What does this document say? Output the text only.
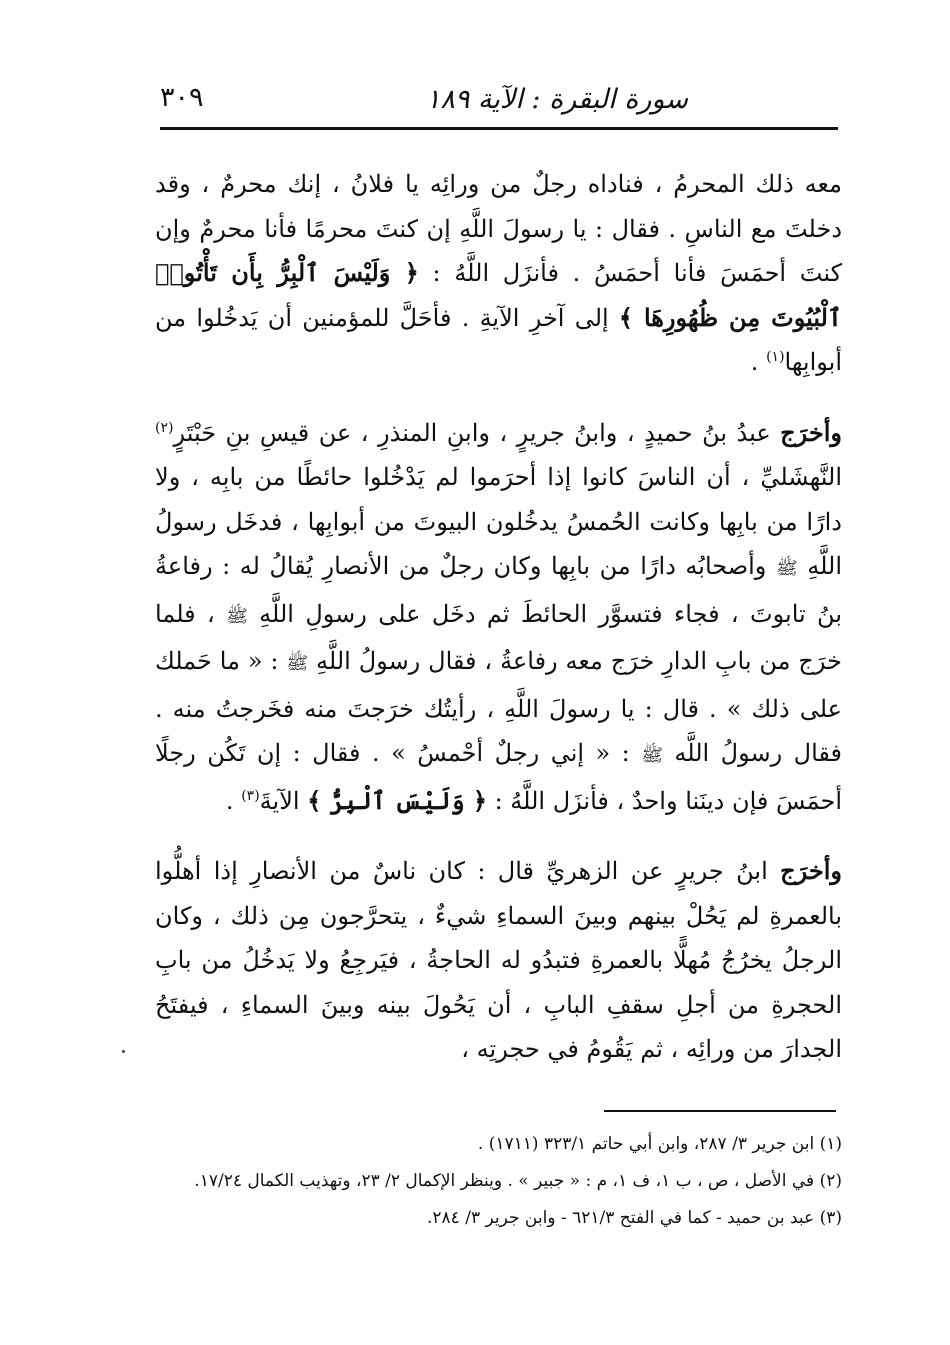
سورة البقرة : الآية ١٨٩
٣٠٩

معه ذلك المحرمُ ، فناداه رجلٌ من ورائِه يا فلانُ ، إنك محرمٌ ، وقد دخلتَ مع الناسِ . فقال : يا رسولَ اللَّهِ إن كنتَ محرمًا فأنا محرمٌ وإن كنتَ أحمَسَ فأنا أحمَسُ . فأنزَل اللَّهُ : ﴿ وَلَيْسَ ٱلْبِرُّ بِأَن تَأْتُوا۟ ٱلْبُيُوتَ مِن ظُهُورِهَا ﴾ إلى آخرِ الآيةِ . فأحَلَّ للمؤمنين أن يَدخُلوا من أبوابِها$^{(١)}$ .

وأخرَج عبدُ بنُ حميدٍ ، وابنُ جريرٍ ، وابنِ المنذرِ ، عن قيسِ بنِ حَبْتَرٍ$^{(٢)}$ النَّهشَليِّ ، أن الناسَ كانوا إذا أحرَموا لم يَدْخُلوا حائطًا من بابِه ، ولا دارًا من بابِها وكانت الحُمسُ يدخُلون البيوتَ من أبوابِها ، فدخَل رسولُ اللَّهِ ﷺ وأصحابُه دارًا من بابِها وكان رجلٌ من الأنصارِ يُقالُ له : رفاعةُ بنُ تابوتَ ، فجاء فتسوَّر الحائطَ ثم دخَل على رسولِ اللَّهِ ﷺ ، فلما خرَج من بابِ الدارِ خرَج معه رفاعةُ ، فقال رسولُ اللَّهِ ﷺ : « ما حَملك على ذلك » . قال : يا رسولَ اللَّهِ ، رأيتُك خرَجتَ منه فخَرجتُ منه . فقال رسولُ اللَّه ﷺ : « إني رجلٌ أحْمسُ » . فقال : إن تَكُن رجلًا أحمَسَ فإن دينَنا واحدٌ ، فأنزَل اللَّهُ : ﴿ وَلَيْسَ ٱلْبِرُّ ﴾ الآيةَ$^{(٣)}$ .

وأخرَج ابنُ جريرٍ عن الزهريِّ قال : كان ناسٌ من الأنصارِ إذا أهلُّوا بالعمرةِ لم يَحُلْ بينهم وبينَ السماءِ شيءٌ ، يتحرَّجون مِن ذلك ، وكان الرجلُ يخرُجُ مُهلًّا بالعمرةِ فتبدُو له الحاجةُ ، فيَرجِعُ ولا يَدخُلُ من بابِ الحجرةِ من أجلِ سقفِ البابِ ، أن يَحُولَ بينه وبينَ السماءِ ، فيفتَحُ الجدارَ من ورائِه ، ثم يَقُومُ في حجرتِه ،

(١) ابن جرير ٣/ ٢٨٧، وابن أبي حاتم ٣٢٣/١ (١٧١١) .

(٢) في الأصل ، ص ، ب ١، ف ١، م : « جبير » . وينظر الإكمال ٢/ ٢٣، وتهذيب الكمال ١٧/٢٤.

(٣) عبد بن حميد - كما في الفتح ٦٢١/٣ - وابن جرير ٣/ ٢٨٤.
